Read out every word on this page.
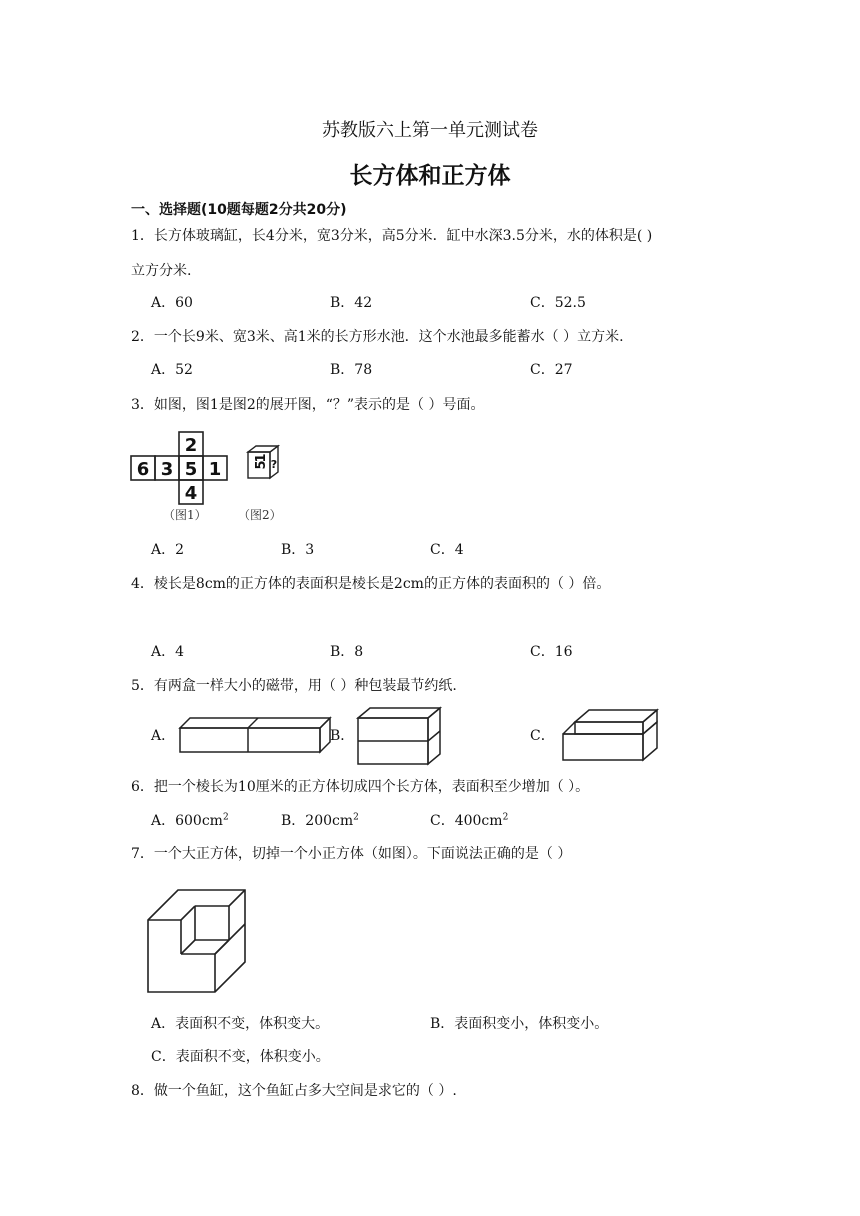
苏教版六上第一单元测试卷
长方体和正方体
一、选择题(10题每题2分共20分)
1．长方体玻璃缸，长4分米，宽3分米，高5分米．缸中水深3.5分米，水的体积是( )
立方分米.
A．60	B．42	C．52.5
2．一个长9米、宽3米、高1米的长方形水池．这个水池最多能蓄水（ ）立方米.
A．52	B．78	C．27
3．如图，图1是图2的展开图，“？”表示的是（ ）号面。
2
6 3 5 1
4
5
1 ?
（图1）	（图2）
A．2	B．3	C．4
4．棱长是8cm的正方体的表面积是棱长是2cm的正方体的表面积的（ ）倍。
A．4	B．8	C．16
5．有两盒一样大小的磁带，用（ ）种包装最节约纸.
A．	B．	C．
6．把一个棱长为10厘米的正方体切成四个长方体，表面积至少增加（ ）。
A．$600cm^2$	B．$200cm^2$	C．$400cm^2$
7．一个大正方体，切掉一个小正方体（如图）。下面说法正确的是（ ）
A．表面积不变，体积变大。	B．表面积变小，体积变小。
C．表面积不变，体积变小。
8．做一个鱼缸，这个鱼缸占多大空间是求它的（ ）.
